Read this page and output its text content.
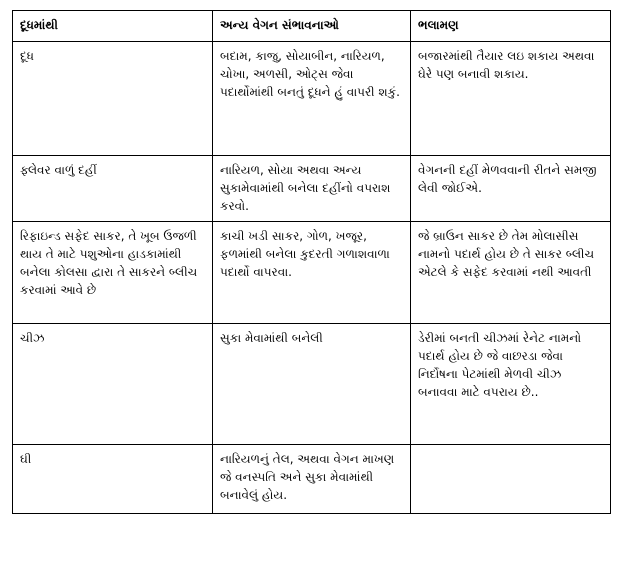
દૂધમાંથી	અન્ય વેગન સંભાવનાઓ	ભલામણ
દૂધ	બદામ, કાજુ, સોયાબીન, નારિયળ, ચોખા, અળસી, ઓટ્સ જેવા પદાર્થોમાંથી બનતું દૂધને હું વાપરી શકું.	બજારમાંથી તૈયાર લઇ શકાય અથવા ઘેરે પણ બનાવી શકાય.
ફ્લેવર વાળું દહીં	નારિયળ, સોયા અથવા અન્ય સુકામેવામાંથી બનેલા દહીંનો વપરાશ કરવો.	વેગનની દહીં મેળવવાની રીતને સમજી લેવી જોઈએ.
રિફાઇન્ડ સફેદ સાકર, તે ખૂબ ઉજળી થાય તે માટે પશુઓના હાડકામાંથી બનેલા કોલસા દ્વારા તે સાકરને બ્લીચ કરવામાં આવે છે	કાચી ખડી સાકર, ગોળ, ખજૂર, ફળમાંથી બનેલા કુદરતી ગળાશવાળા પદાર્થો વાપરવા.	જે બ્રાઉન સાકર છે તેમ મોલાસીસ નામનો પદાર્થ હોય છે તે સાકર બ્લીચ એટલે કે સફેદ કરવામાં નથી આવતી
ચીઝ	સુકા મેવામાંથી બનેલી	ડેરીમાં બનતી ચીઝમાં રેનેટ નામનો પદાર્થ હોય છે જે વાછરડા જેવા નિર્દોષના પેટમાંથી મેળવી ચીઝ બનાવવા માટે વપરાય છે..
ઘી	નારિયળનું તેલ, અથવા વેગન માખણ જે વનસ્પતિ અને સુકા મેવામાંથી બનાવેલું હોય.	
